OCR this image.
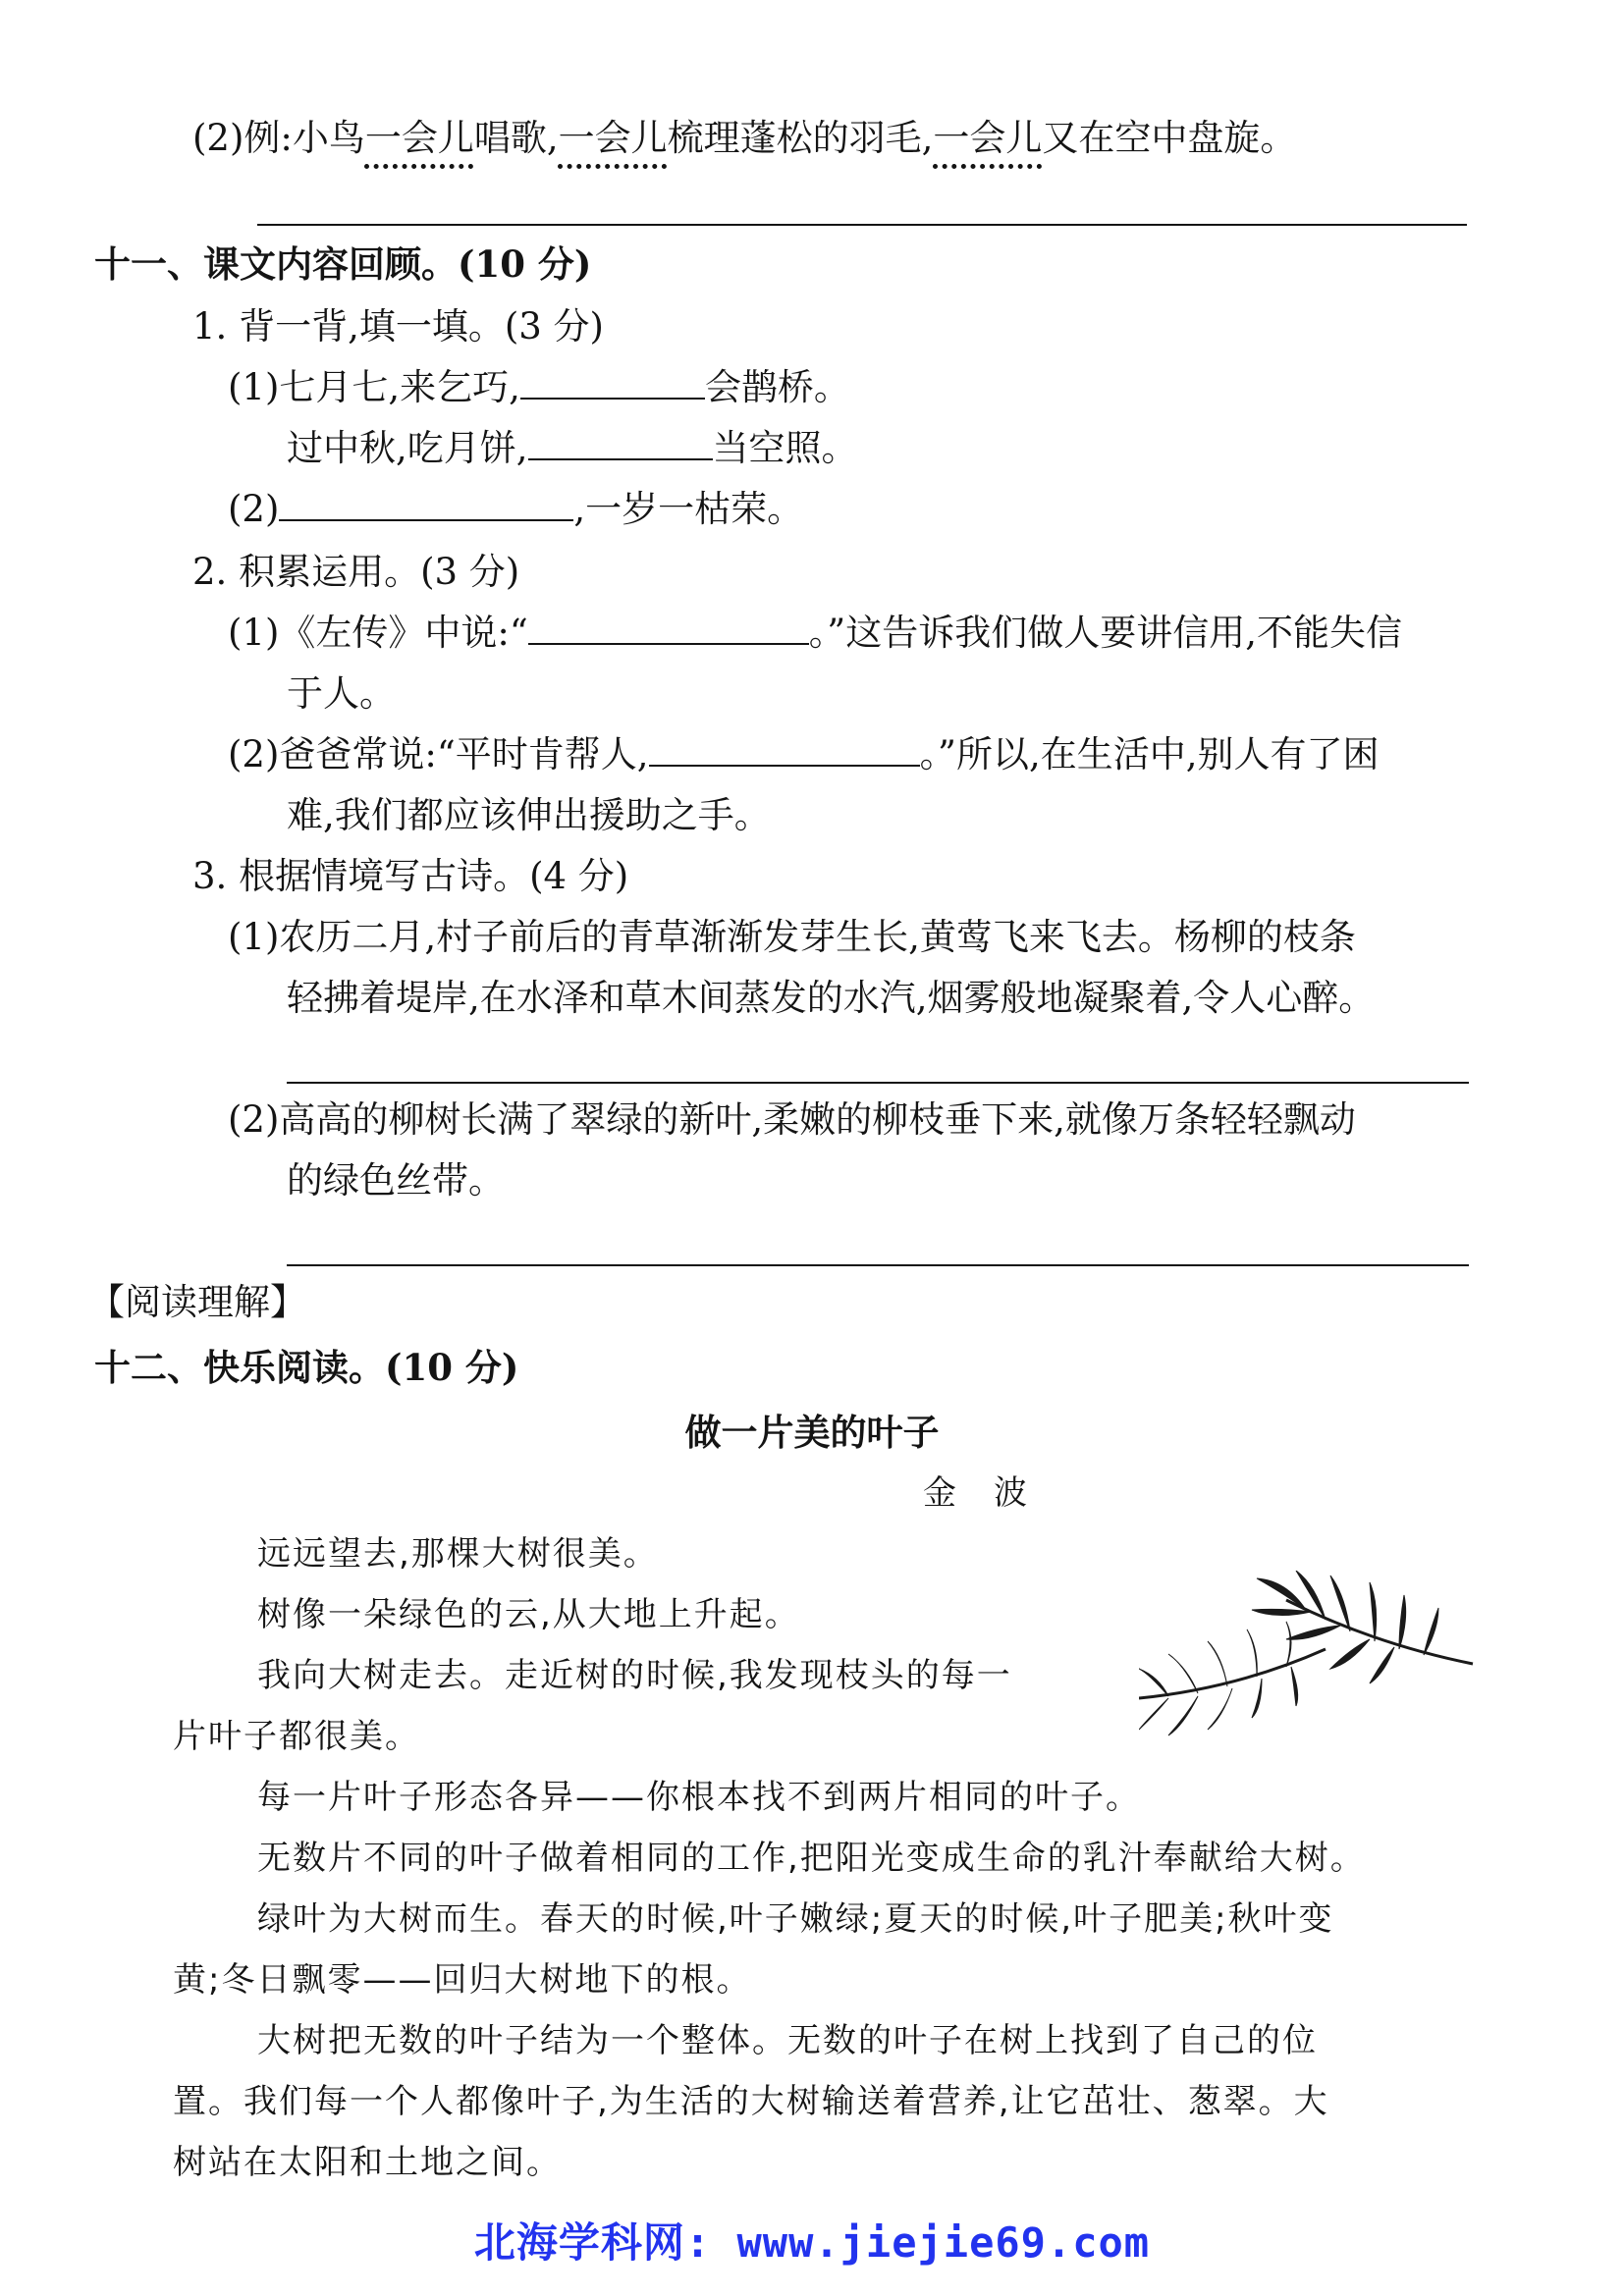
(2)例:小鸟一会儿唱歌,一会儿梳理蓬松的羽毛,一会儿又在空中盘旋。
十一、课文内容回顾。(10 分)
1. 背一背,填一填。(3 分)
(1)七月七,来乞巧,	会鹊桥。
过中秋,吃月饼,	当空照。
(2)	,一岁一枯荣。
2. 积累运用。(3 分)
(1)《左传》中说:“	。”这告诉我们做人要讲信用,不能失信
于人。
(2)爸爸常说:“平时肯帮人,	。”所以,在生活中,别人有了困
难,我们都应该伸出援助之手。
3. 根据情境写古诗。(4 分)
(1)农历二月,村子前后的青草渐渐发芽生长,黄莺飞来飞去。杨柳的枝条
轻拂着堤岸,在水泽和草木间蒸发的水汽,烟雾般地凝聚着,令人心醉。
(2)高高的柳树长满了翠绿的新叶,柔嫩的柳枝垂下来,就像万条轻轻飘动
的绿色丝带。
【阅读理解】
十二、快乐阅读。(10 分)
做一片美的叶子
金　波
远远望去,那棵大树很美。
树像一朵绿色的云,从大地上升起。
我向大树走去。走近树的时候,我发现枝头的每一
片叶子都很美。
每一片叶子形态各异——你根本找不到两片相同的叶子。
无数片不同的叶子做着相同的工作,把阳光变成生命的乳汁奉献给大树。
绿叶为大树而生。春天的时候,叶子嫩绿;夏天的时候,叶子肥美;秋叶变
黄;冬日飘零——回归大树地下的根。
大树把无数的叶子结为一个整体。无数的叶子在树上找到了自己的位
置。我们每一个人都像叶子,为生活的大树输送着营养,让它茁壮、葱翠。大
树站在太阳和土地之间。
北海学科网: www.jiejie69.com
